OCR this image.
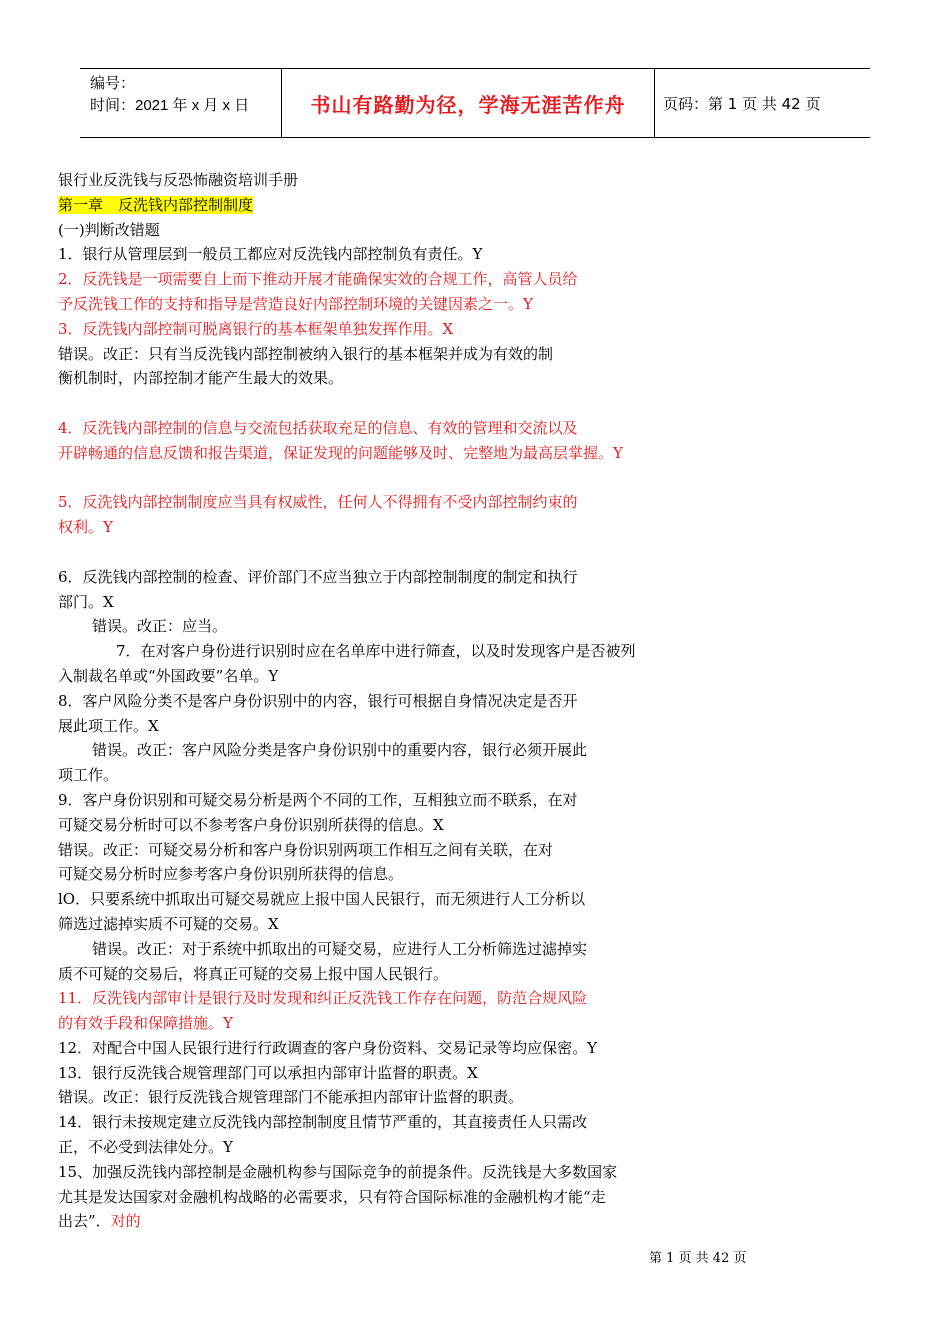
编号：
时间：2021 年 x 月 x 日	书山有路勤为径，学海无涯苦作舟	页码：第 1 页 共 42 页
银行业反洗钱与反恐怖融资培训手册
第一章　反洗钱内部控制制度
(一)判断改错题
1．银行从管理层到一般员工都应对反洗钱内部控制负有责任。Y
2．反洗钱是一项需要自上而下推动开展才能确保实效的合规工作，高管人员给
予反洗钱工作的支持和指导是营造良好内部控制环境的关键因素之一。Y
3．反洗钱内部控制可脱离银行的基本框架单独发挥作用。X
错误。改正：只有当反洗钱内部控制被纳入银行的基本框架并成为有效的制
衡机制时，内部控制才能产生最大的效果。
4．反洗钱内部控制的信息与交流包括获取充足的信息、有效的管理和交流以及
开辟畅通的信息反馈和报告渠道，保证发现的问题能够及时、完整地为最高层掌握。Y
5．反洗钱内部控制制度应当具有权威性，任何人不得拥有不受内部控制约束的
权利。Y
6．反洗钱内部控制的检查、评价部门不应当独立于内部控制制度的制定和执行
部门。X
错误。改正：应当。
7．在对客户身份进行识别时应在名单库中进行筛查，以及时发现客户是否被列
入制裁名单或“外国政要”名单。Y
8．客户风险分类不是客户身份识别中的内容，银行可根据自身情况决定是否开
展此项工作。X
错误。改正：客户风险分类是客户身份识别中的重要内容，银行必须开展此
项工作。
9．客户身份识别和可疑交易分析是两个不同的工作，互相独立而不联系，在对
可疑交易分析时可以不参考客户身份识别所获得的信息。X
错误。改正：可疑交易分析和客户身份识别两项工作相互之间有关联，在对
可疑交易分析时应参考客户身份识别所获得的信息。
lO．只要系统中抓取出可疑交易就应上报中国人民银行，而无须进行人工分析以
筛选过滤掉实质不可疑的交易。X
错误。改正：对于系统中抓取出的可疑交易，应进行人工分析筛选过滤掉实
质不可疑的交易后，将真正可疑的交易上报中国人民银行。
11．反洗钱内部审计是银行及时发现和纠正反洗钱工作存在问题，防范合规风险
的有效手段和保障措施。Y
12．对配合中国人民银行进行行政调查的客户身份资料、交易记录等均应保密。Y
13．银行反洗钱合规管理部门可以承担内部审计监督的职责。X
错误。改正：银行反洗钱合规管理部门不能承担内部审计监督的职责。
14．银行未按规定建立反洗钱内部控制制度且情节严重的，其直接责任人只需改
正，不必受到法律处分。Y
15、加强反洗钱内部控制是金融机构参与国际竞争的前提条件。反洗钱是大多数国家
尤其是发达国家对金融机构战略的必需要求，只有符合国际标准的金融机构才能“走
出去”．对的
第 1 页 共 42 页
